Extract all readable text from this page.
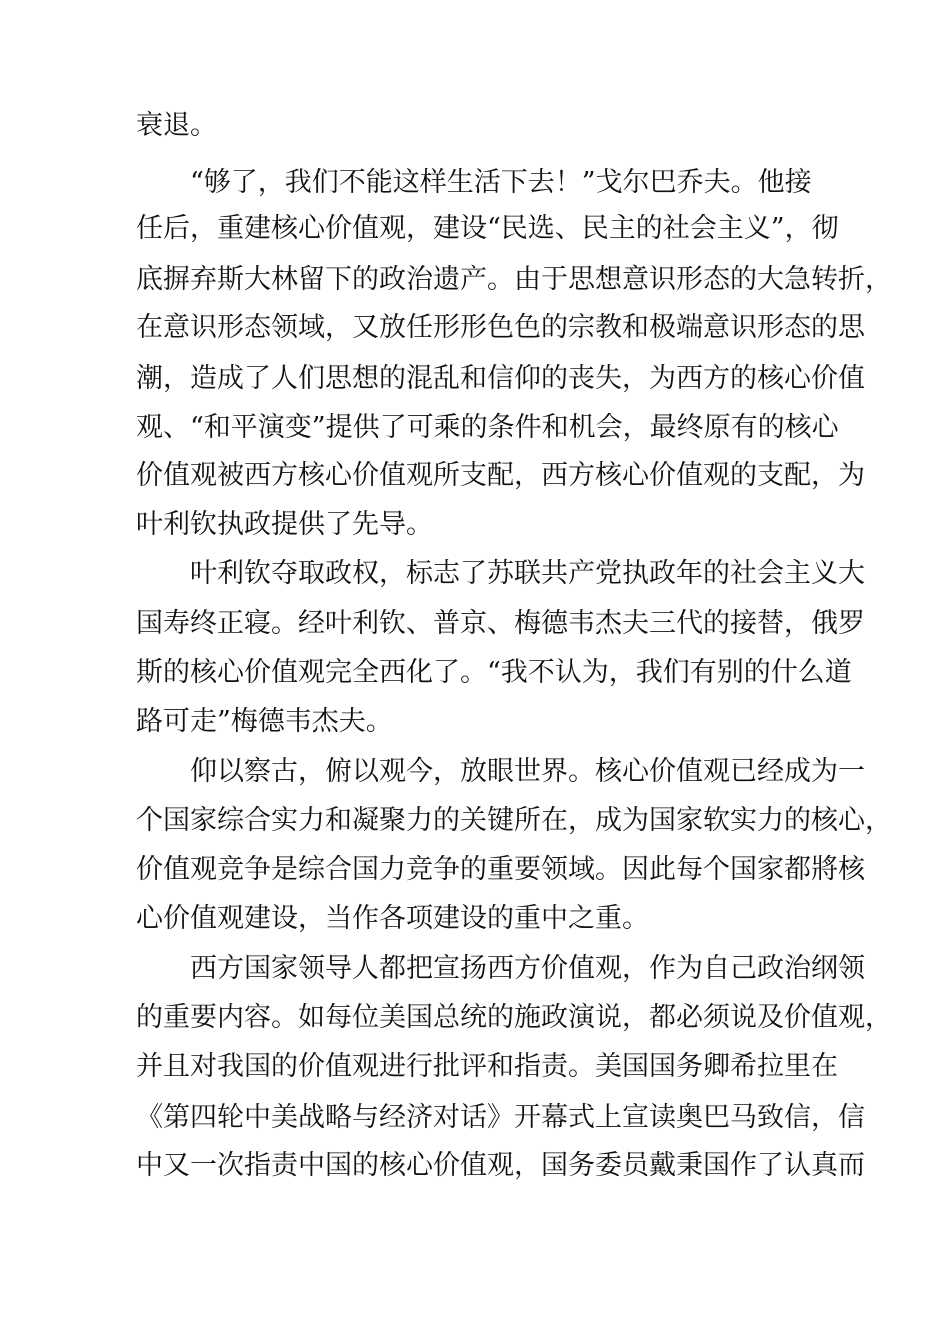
衰退。
　　“够了，我们不能这样生活下去！”戈尔巴乔夫。他接
任后，重建核心价值观，建设“民选、民主的社会主义”，彻
底摒弃斯大林留下的政治遗产。由于思想意识形态的大急转折，
在意识形态领域，又放任形形色色的宗教和极端意识形态的思
潮，造成了人们思想的混乱和信仰的丧失，为西方的核心价值
观、“和平演变”提供了可乘的条件和机会，最终原有的核心
价值观被西方核心价值观所支配，西方核心价值观的支配，为
叶利钦执政提供了先导。
　　叶利钦夺取政权，标志了苏联共产党执政年的社会主义大
国寿终正寝。经叶利钦、普京、梅德韦杰夫三代的接替，俄罗
斯的核心价值观完全西化了。“我不认为，我们有别的什么道
路可走”梅德韦杰夫。
　　仰以察古，俯以观今，放眼世界。核心价值观已经成为一
个国家综合实力和凝聚力的关键所在，成为国家软实力的核心，
价值观竞争是综合国力竞争的重要领域。因此每个国家都將核
心价值观建设，当作各项建设的重中之重。
　　西方国家领导人都把宣扬西方价值观，作为自己政治纲领
的重要内容。如每位美国总统的施政演说，都必须说及价值观，
并且对我国的价值观进行批评和指责。美国国务卿希拉里在
《第四轮中美战略与经济对话》开幕式上宣读奥巴马致信，信
中又一次指责中国的核心价值观，国务委员戴秉国作了认真而
